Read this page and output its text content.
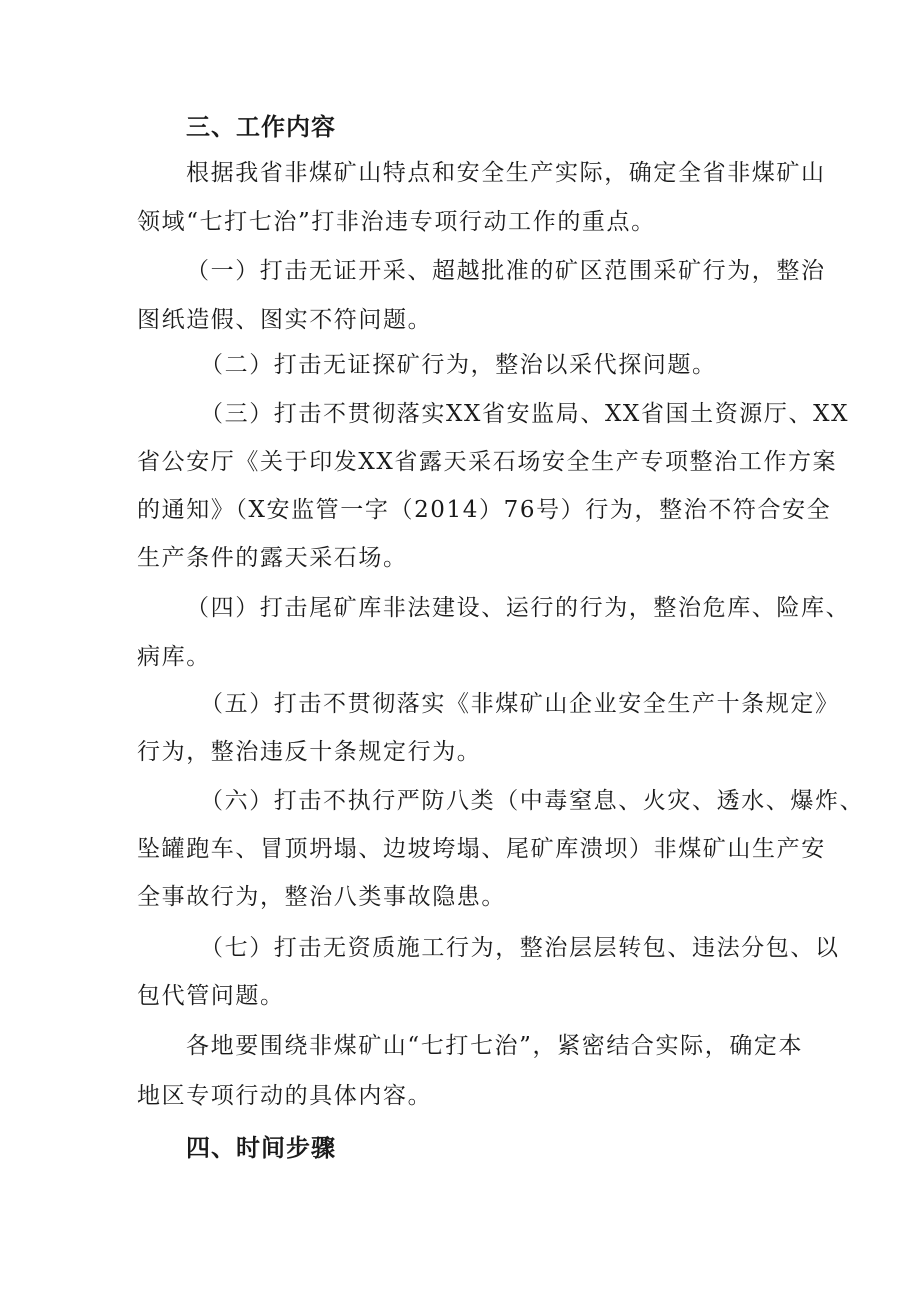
三、工作内容

根据我省非煤矿山特点和安全生产实际，确定全省非煤矿山

领域“七打七治”打非治违专项行动工作的重点。

（一）打击无证开采、超越批准的矿区范围采矿行为，整治

图纸造假、图实不符问题。

（二）打击无证探矿行为，整治以采代探问题。

（三）打击不贯彻落实XX省安监局、XX省国土资源厅、XX

省公安厅《关于印发XX省露天采石场安全生产专项整治工作方案

的通知》（X安监管一字（2014）76号）行为，整治不符合安全

生产条件的露天采石场。

（四）打击尾矿库非法建设、运行的行为，整治危库、险库、

病库。

（五）打击不贯彻落实《非煤矿山企业安全生产十条规定》

行为，整治违反十条规定行为。

（六）打击不执行严防八类（中毒窒息、火灾、透水、爆炸、

坠罐跑车、冒顶坍塌、边坡垮塌、尾矿库溃坝）非煤矿山生产安

全事故行为，整治八类事故隐患。

（七）打击无资质施工行为，整治层层转包、违法分包、以

包代管问题。

各地要围绕非煤矿山“七打七治”，紧密结合实际，确定本

地区专项行动的具体内容。

四、时间步骤
